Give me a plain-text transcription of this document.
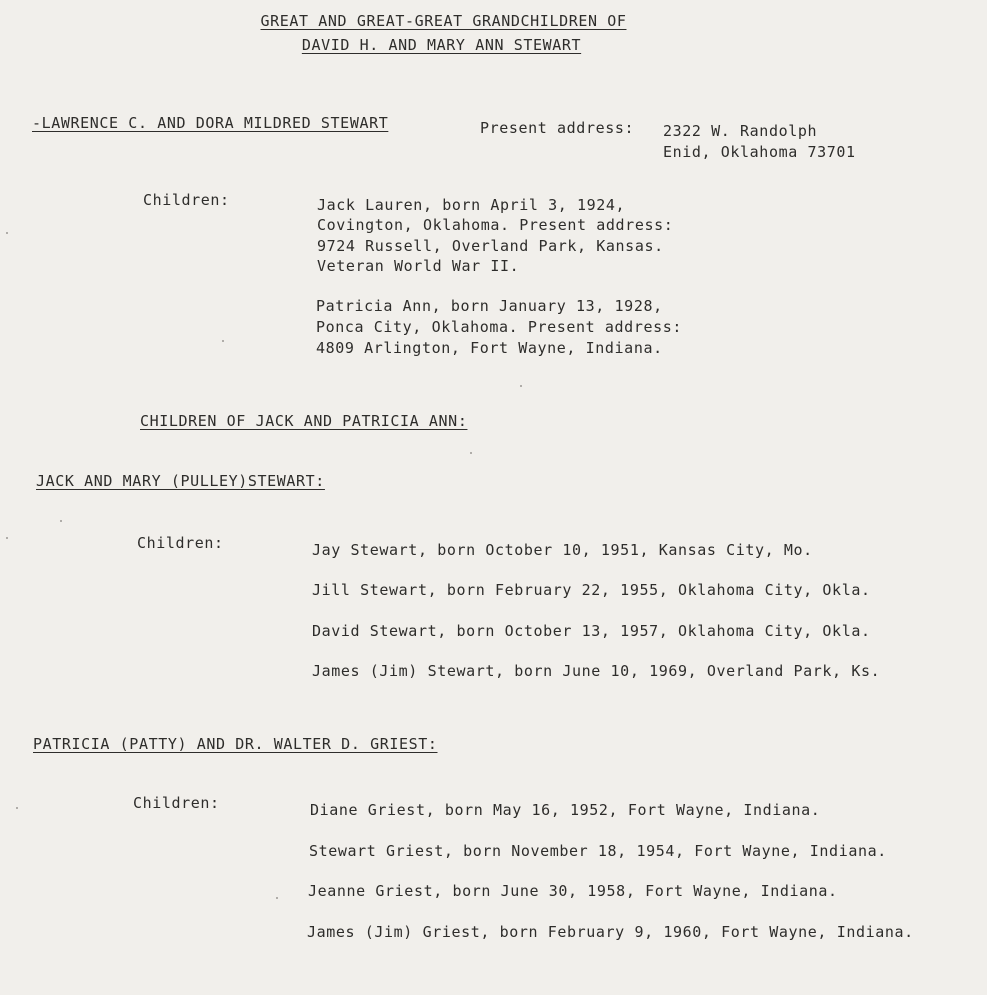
GREAT AND GREAT-GREAT GRANDCHILDREN OF
DAVID H. AND MARY ANN STEWART
-LAWRENCE C. AND DORA MILDRED STEWART	Present address: 2322 W. Randolph
Enid, Oklahoma 73701
Children:	Jack Lauren, born April 3, 1924,
Covington, Oklahoma. Present address:
9724 Russell, Overland Park, Kansas.
Veteran World War II.
Patricia Ann, born January 13, 1928,
Ponca City, Oklahoma. Present address:
4809 Arlington, Fort Wayne, Indiana.
CHILDREN OF JACK AND PATRICIA ANN:
JACK AND MARY (PULLEY)STEWART:
Children:	Jay Stewart, born October 10, 1951, Kansas City, Mo.
Jill Stewart, born February 22, 1955, Oklahoma City, Okla.
David Stewart, born October 13, 1957, Oklahoma City, Okla.
James (Jim) Stewart, born June 10, 1969, Overland Park, Ks.
PATRICIA (PATTY) AND DR. WALTER D. GRIEST:
Children:	Diane Griest, born May 16, 1952, Fort Wayne, Indiana.
Stewart Griest, born November 18, 1954, Fort Wayne, Indiana.
Jeanne Griest, born June 30, 1958, Fort Wayne, Indiana.
James (Jim) Griest, born February 9, 1960, Fort Wayne, Indiana.
